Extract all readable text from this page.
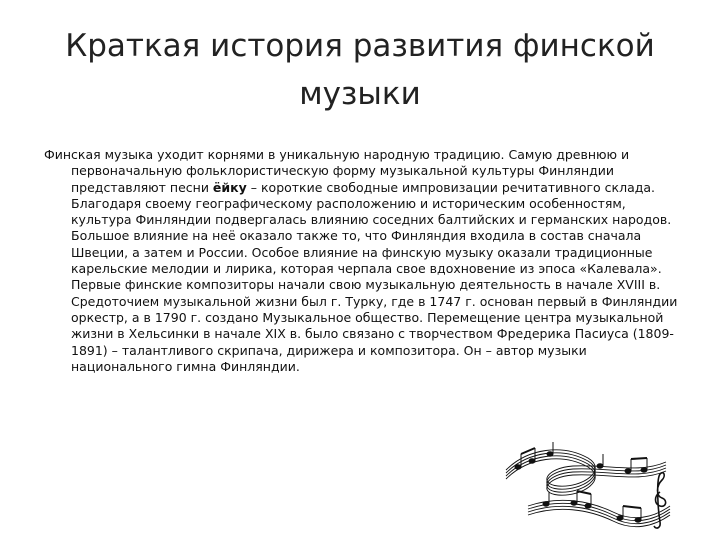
Краткая история развития финской
музыки

Финская музыка уходит корнями в уникальную народную традицию. Самую древнюю и первоначальную фольклористическую форму музыкальной культуры Финляндии представляют песни ёйку – короткие свободные импровизации речитативного склада.

Благодаря своему географическому расположению и историческим особенностям, культура Финляндии подвергалась влиянию соседних балтийских и германских народов. Большое влияние на неё оказало также то, что Финляндия входила в состав сначала Швеции, а затем и России. Особое влияние на финскую музыку оказали традиционные карельские мелодии и лирика, которая черпала свое вдохновение из эпоса «Калевала».

Первые финские композиторы начали свою музыкальную деятельность в начале XVIII в. Средоточием музыкальной жизни был г. Турку, где в 1747 г. основан первый в Финляндии оркестр, а в 1790 г. создано Музыкальное общество. Перемещение центра музыкальной жизни в Хельсинки в начале XIX в. было связано с творчеством Фредерика Пасиуса (1809-1891) – талантливого скрипача, дирижера и композитора. Он – автор музыки национального гимна Финляндии.
